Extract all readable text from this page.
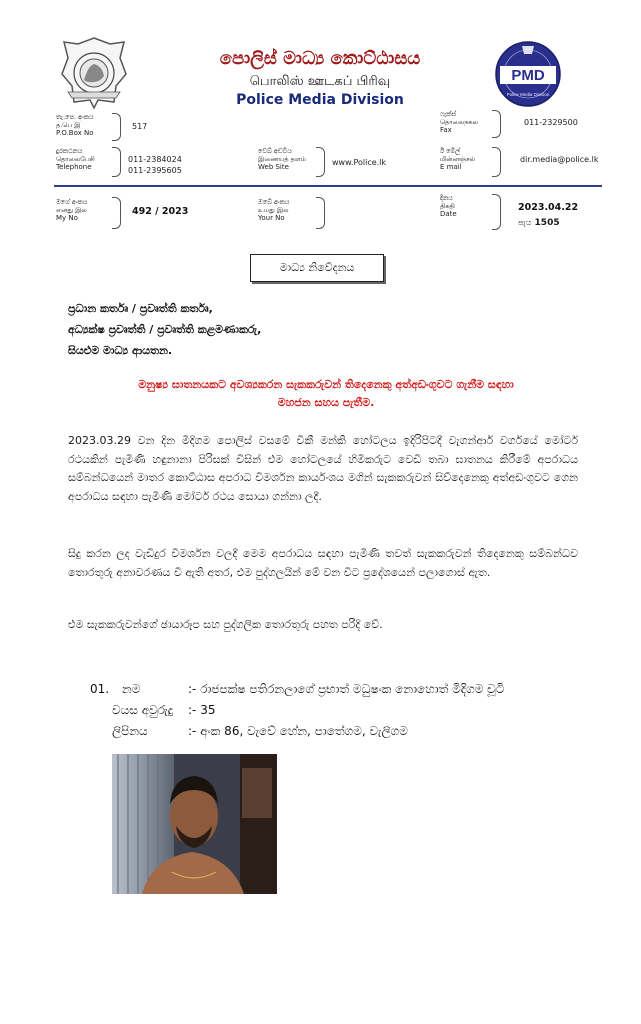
පොලිස් මාධ්‍ය කොට්ඨාසය
பொலிஸ் ஊடகப் பிரிவு
Police Media Division
PMD
Police Media Division
තැ.පෙ. අංකය
த.பெ இ
P.O.Box No
517
ෆැක්ස්
தொலைநகல
Fax
011-2329500
දුරකථනය
தொலைபேசி
Telephone
011-2384024
011-2395605
වෙබ් අඩවිය
இணையத் தளம்
Web Site	www.Police.lk
ඊ මේල්
மின்னஞ்சல்
E mail
dir.media@police.lk
මගේ අංකය
எனது இல
My No
492 / 2023
ඔබේ අංකය
உமது இல
Your No
දිනය
திகதி
Date
2023.04.22
පැය 1505
මාධ්‍ය නිවේදනය
ප්‍රධාන කර්තෘ / ප්‍රවෘත්ති කර්තෘ,
අධ්‍යක්ෂ ප්‍රවෘත්ති / ප්‍රවෘත්ති කළමණාකරු,
සියළුම මාධ්‍ය ආයතන.
මනුෂ්‍ය ඝාතනයකට අවශ්‍යකරන සැකකරුවන් තිදෙනෙකු අත්අඩංගුවට ගැනීම සඳහා
මහජන සහය පැතීම.
2023.03.29 වන දින මිදිගම පොලිස් වසමේ වීකී මන්කි හෝටලය ඉදිරිපිටදී වැගන්ආර් වර්ගයේ මෝටර් රථයකින් පැමිණි හඳුනානා පිරිසක් විසින් එම හෝටලයේ හිමිකරුට වෙඩි තබා ඝාතනය කිරීමේ අපරාධය සම්බන්ධයෙන් මාතර කොට්ඨාස අපරාධ විමර්ශන කාර්යංශය මගින් සැකකරුවන් සිව්දෙනෙකු අත්අඩංගුවට ගෙන අපරාධය සඳහා පැමිණි මෝටර් රථය සොයා ගන්නා ලදී.
සිදු කරන ලද වැඩිදුර විමර්ශන වලදී මෙම අපරාධය සඳහා පැමිණි තවත් සැකකරුවන් තිදෙනෙකු සම්බන්ධව තොරතුරු අනාවරණය වී ඇති අතර, එම පුද්ගලයින් මේ වන විට ප්‍රදේශයෙන් පලාගොස් ඇත.
එම සැකකරුවන්ගේ ඡායාරූප සහ පුද්ගලික තොරතුරු පහත පරිදි වේ.
01. නම	:- රාජපක්ෂ පතිරනලාගේ ප්‍රභාත් මධුෂංක නොහොත් මිදිගම චූටි
වයස අවුරුදු :- 35
ලිපිනය	:- අංක 86, වැවේ හේන, පාතේගම, වැලිගම
